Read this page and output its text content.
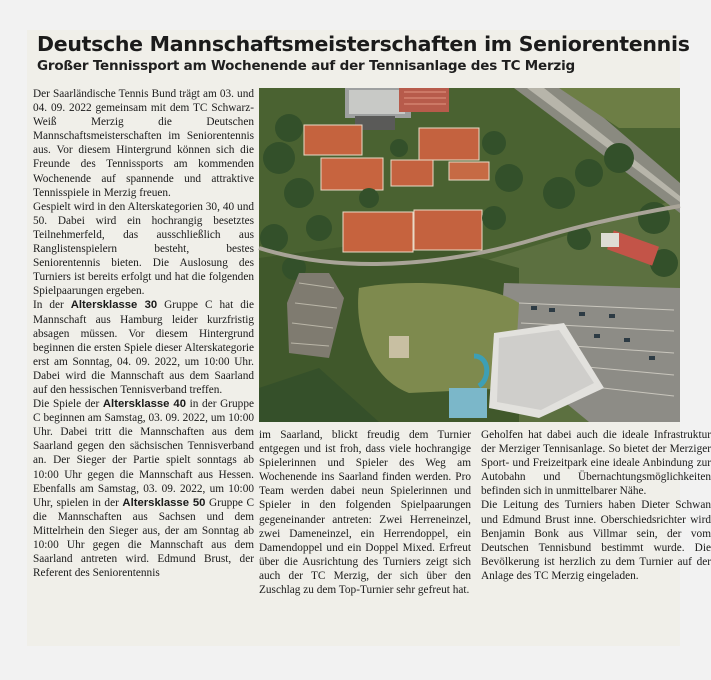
Deutsche Mannschaftsmeisterschaften im Seniorentennis
Großer Tennissport am Wochenende auf der Tennisanlage des TC Merzig

Der Saarländische Tennis Bund trägt am 03. und 04. 09. 2022 gemeinsam mit dem TC Schwarz-Weiß Merzig die Deutschen Mannschaftsmeisterschaften im Seniorentennis aus. Vor diesem Hintergrund können sich die Freunde des Tennissports am kommenden Wochenende auf spannende und attraktive Tennisspiele in Merzig freuen.

Gespielt wird in den Alterskategorien 30, 40 und 50. Dabei wird ein hochrangig besetztes Teilnehmerfeld, das ausschließlich aus Ranglistenspielern besteht, bestes Seniorentennis bieten. Die Auslosung des Turniers ist bereits erfolgt und hat die folgenden Spielpaarungen ergeben.

In der Altersklasse 30 Gruppe C hat die Mannschaft aus Hamburg leider kurzfristig absagen müssen. Vor diesem Hintergrund beginnen die ersten Spiele dieser Alterskategorie erst am Sonntag, 04. 09. 2022, um 10:00 Uhr. Dabei wird die Mannschaft aus dem Saarland auf den hessischen Tennisverband treffen.

Die Spiele der Altersklasse 40 in der Gruppe C beginnen am Samstag, 03. 09. 2022, um 10:00 Uhr. Dabei tritt die Mannschaften aus dem Saarland gegen den sächsischen Tennisverband an. Der Sieger der Partie spielt sonntags ab 10:00 Uhr gegen die Mannschaft aus Hessen. Ebenfalls am Samstag, 03. 09. 2022, um 10:00 Uhr, spielen in der Altersklasse 50 Gruppe C die Mannschaften aus Sachsen und dem Mittelrhein den Sieger aus, der am Sonntag ab 10:00 Uhr gegen die Mannschaft aus dem Saarland antreten wird. Edmund Brust, der Referent des Seniorentennis

im Saarland, blickt freudig dem Turnier entgegen und ist froh, dass viele hochrangige Spielerinnen und Spieler des Weg am Wochenende ins Saarland finden werden. Pro Team werden dabei neun Spielerinnen und Spieler in den folgenden Spielpaarungen gegeneinander antreten: Zwei Herreneinzel, zwei Dameneinzel, ein Herrendoppel, ein Damendoppel und ein Doppel Mixed. Erfreut über die Ausrichtung des Turniers zeigt sich auch der TC Merzig, der sich über den Zuschlag zu dem Top-Turnier sehr gefreut hat.

Geholfen hat dabei auch die ideale Infrastruktur der Merziger Tennisanlage. So bietet der Merziger Sport- und Freizeitpark eine ideale Anbindung zur Autobahn und Übernachtungsmöglichkeiten befinden sich in unmittelbarer Nähe.

Die Leitung des Turniers haben Dieter Schwan und Edmund Brust inne. Oberschiedsrichter wird Benjamin Bonk aus Villmar sein, der vom Deutschen Tennisbund bestimmt wurde. Die Bevölkerung ist herzlich zu dem Turnier auf der Anlage des TC Merzig eingeladen.
